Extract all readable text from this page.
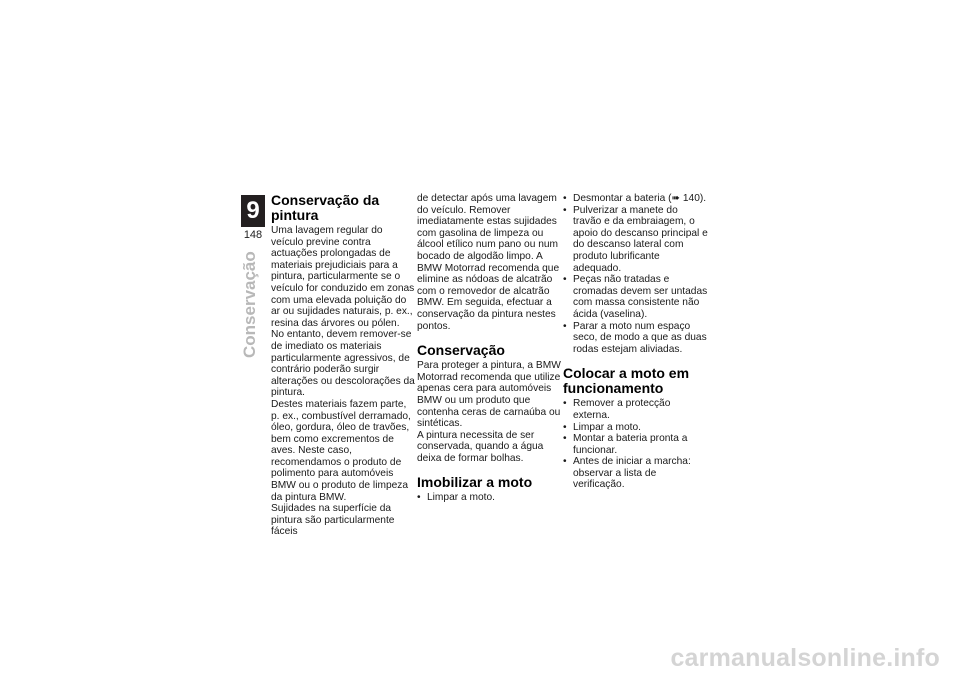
9
148
Conservação
Conservação da pintura

Uma lavagem regular do veículo previne contra actuações prolongadas de materiais prejudiciais para a pintura, particularmente se o veículo for conduzido em zonas com uma elevada poluição do ar ou sujidades naturais, p. ex., resina das árvores ou pólen.

No entanto, devem remover-se de imediato os materiais particularmente agressivos, de contrário poderão surgir alterações ou descolorações da pintura.

Destes materiais fazem parte, p. ex., combustível derramado, óleo, gordura, óleo de travões, bem como excrementos de aves. Neste caso, recomendamos o produto de polimento para automóveis BMW ou o produto de limpeza da pintura BMW.

Sujidades na superfície da pintura são particularmente fáceis

de detectar após uma lavagem do veículo. Remover imediatamente estas sujidades com gasolina de limpeza ou álcool etílico num pano ou num bocado de algodão limpo. A BMW Motorrad recomenda que elimine as nódoas de alcatrão com o removedor de alcatrão BMW. Em seguida, efectuar a conservação da pintura nestes pontos.

Conservação

Para proteger a pintura, a BMW Motorrad recomenda que utilize apenas cera para automóveis BMW ou um produto que contenha ceras de carnaúba ou sintéticas.

A pintura necessita de ser conservada, quando a água deixa de formar bolhas.

Imobilizar a moto
• Limpar a moto.
• Desmontar a bateria (➠ 140).
• Pulverizar a manete do travão e da embraiagem, o apoio do descanso principal e do descanso lateral com produto lubrificante adequado.
• Peças não tratadas e cromadas devem ser untadas com massa consistente não ácida (vaselina).
• Parar a moto num espaço seco, de modo a que as duas rodas estejam aliviadas.
Colocar a moto em funcionamento
• Remover a protecção externa.
• Limpar a moto.
• Montar a bateria pronta a funcionar.
• Antes de iniciar a marcha: observar a lista de verificação.
carmanualsonline.info
